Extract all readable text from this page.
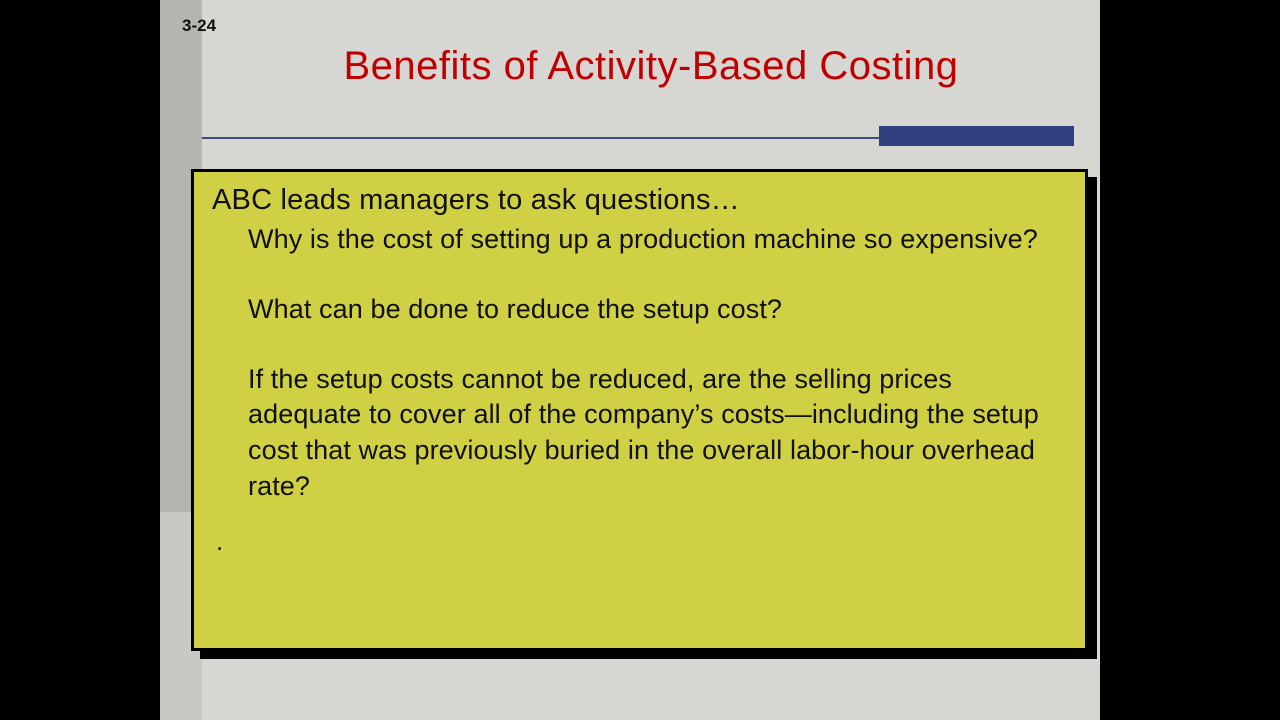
3-24
Benefits of Activity-Based Costing

ABC leads managers to ask questions…

Why is the cost of setting up a production machine so expensive?

What can be done to reduce the setup cost?

If the setup costs cannot be reduced, are the selling prices adequate to cover all of the company’s costs—including the setup cost that was previously buried in the overall labor-hour overhead rate?

.
